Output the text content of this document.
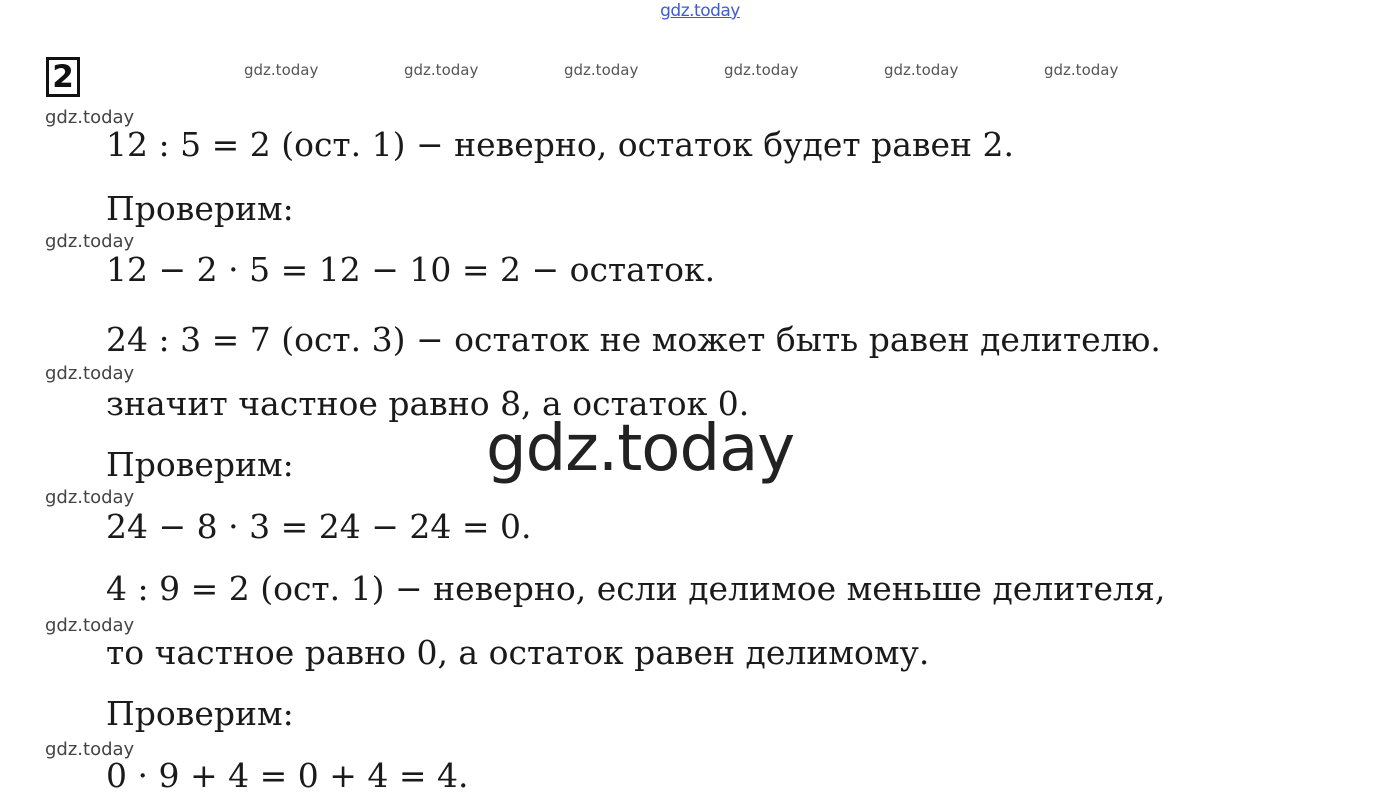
gdz.today
2	gdz.today	gdz.today	gdz.today	gdz.today	gdz.today	gdz.today
gdz.today
gdz.today
gdz.today
gdz.today
gdz.today
gdz.today
12 : 5 = 2 (ост. 1) − неверно, остаток будет равен 2.
Проверим:
12 − 2 · 5 = 12 − 10 = 2 − остаток.
24 : 3 = 7 (ост. 3) − остаток не может быть равен делителю.
значит частное равно 8, а остаток 0.
Проверим:
24 − 8 · 3 = 24 − 24 = 0.
4 : 9 = 2 (ост. 1) − неверно, если делимое меньше делителя,
то частное равно 0, а остаток равен делимому.
Проверим:
0 · 9 + 4 = 0 + 4 = 4.
gdz.today
